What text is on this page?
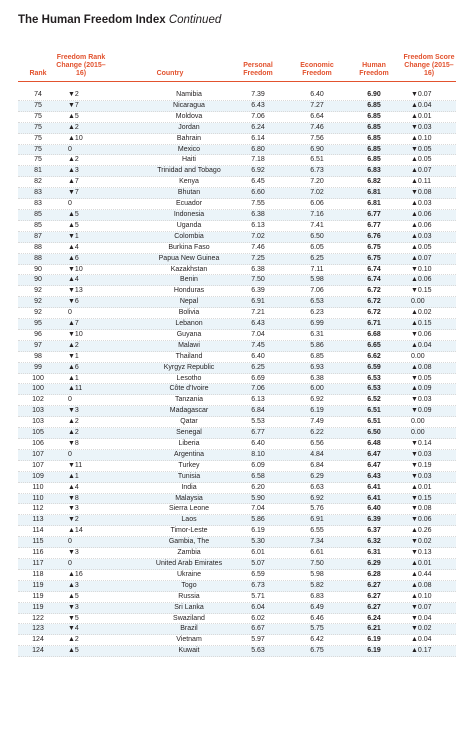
The Human Freedom Index Continued
Rank
Freedom Rank Change (2015–16)	Country
Personal Freedom
Economic Freedom
Human Freedom
Freedom Score Change (2015–16)
74	▼2	Namibia	7.39	6.40	6.90	▼0.07
75	▼7	Nicaragua	6.43	7.27	6.85	▲0.04
75	▲5	Moldova	7.06	6.64	6.85	▲0.01
75	▲2	Jordan	6.24	7.46	6.85	▼0.03
75	▲10	Bahrain	6.14	7.56	6.85	▲0.10
75	0	Mexico	6.80	6.90	6.85	▼0.05
75	▲2	Haiti	7.18	6.51	6.85	▲0.05
81	▲3	Trinidad and Tobago	6.92	6.73	6.83	▲0.07
82	▲7	Kenya	6.45	7.20	6.82	▲0.11
83	▼7	Bhutan	6.60	7.02	6.81	▼0.08
83	0	Ecuador	7.55	6.06	6.81	▲0.03
85	▲5	Indonesia	6.38	7.16	6.77	▲0.06
85	▲5	Uganda	6.13	7.41	6.77	▲0.06
87	▼1	Colombia	7.02	6.50	6.76	▲0.03
88	▲4	Burkina Faso	7.46	6.05	6.75	▲0.05
88	▲6	Papua New Guinea	7.25	6.25	6.75	▲0.07
90	▼10	Kazakhstan	6.38	7.11	6.74	▼0.10
90	▲4	Benin	7.50	5.98	6.74	▲0.06
92	▼13	Honduras	6.39	7.06	6.72	▼0.15
92	▼6	Nepal	6.91	6.53	6.72	0.00
92	0	Bolivia	7.21	6.23	6.72	▲0.02
95	▲7	Lebanon	6.43	6.99	6.71	▲0.15
96	▼10	Guyana	7.04	6.31	6.68	▼0.06
97	▲2	Malawi	7.45	5.86	6.65	▲0.04
98	▼1	Thailand	6.40	6.85	6.62	0.00
99	▲6	Kyrgyz Republic	6.25	6.93	6.59	▲0.08
100	▲1	Lesotho	6.69	6.38	6.53	▼0.05
100	▲11	Côte d'Ivoire	7.06	6.00	6.53	▲0.09
102	0	Tanzania	6.13	6.92	6.52	▼0.03
103	▼3	Madagascar	6.84	6.19	6.51	▼0.09
103	▲2	Qatar	5.53	7.49	6.51	0.00
105	▲2	Senegal	6.77	6.22	6.50	0.00
106	▼8	Liberia	6.40	6.56	6.48	▼0.14
107	0	Argentina	8.10	4.84	6.47	▼0.03
107	▼11	Turkey	6.09	6.84	6.47	▼0.19
109	▲1	Tunisia	6.58	6.29	6.43	▼0.03
110	▲4	India	6.20	6.63	6.41	▲0.01
110	▼8	Malaysia	5.90	6.92	6.41	▼0.15
112	▼3	Sierra Leone	7.04	5.76	6.40	▼0.08
113	▼2	Laos	5.86	6.91	6.39	▼0.06
114	▲14	Timor-Leste	6.19	6.55	6.37	▲0.26
115	0	Gambia, The	5.30	7.34	6.32	▼0.02
116	▼3	Zambia	6.01	6.61	6.31	▼0.13
117	0	United Arab Emirates	5.07	7.50	6.29	▲0.01
118	▲16	Ukraine	6.59	5.98	6.28	▲0.44
119	▲3	Togo	6.73	5.82	6.27	▲0.08
119	▲5	Russia	5.71	6.83	6.27	▲0.10
119	▼3	Sri Lanka	6.04	6.49	6.27	▼0.07
122	▼5	Swaziland	6.02	6.46	6.24	▼0.04
123	▼4	Brazil	6.67	5.75	6.21	▼0.02
124	▲2	Vietnam	5.97	6.42	6.19	▲0.04
124	▲5	Kuwait	5.63	6.75	6.19	▲0.17
